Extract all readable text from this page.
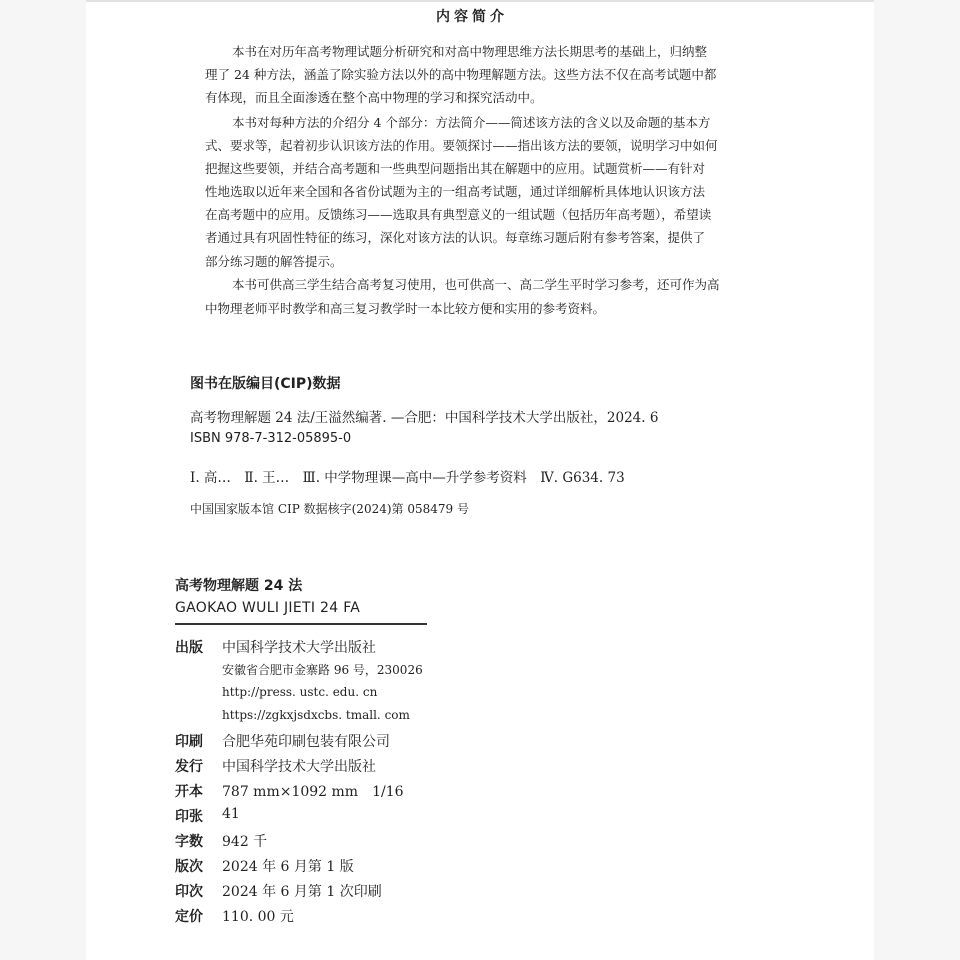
内容简介
本书在对历年高考物理试题分析研究和对高中物理思维方法长期思考的基础上，归纳整
理了 24 种方法，涵盖了除实验方法以外的高中物理解题方法。这些方法不仅在高考试题中都
有体现，而且全面渗透在整个高中物理的学习和探究活动中。
本书对每种方法的介绍分 4 个部分：方法简介——简述该方法的含义以及命题的基本方
式、要求等，起着初步认识该方法的作用。要领探讨——指出该方法的要领，说明学习中如何
把握这些要领，并结合高考题和一些典型问题指出其在解题中的应用。试题赏析——有针对
性地选取以近年来全国和各省份试题为主的一组高考试题，通过详细解析具体地认识该方法
在高考题中的应用。反馈练习——选取具有典型意义的一组试题（包括历年高考题），希望读
者通过具有巩固性特征的练习，深化对该方法的认识。每章练习题后附有参考答案，提供了
部分练习题的解答提示。
本书可供高三学生结合高考复习使用，也可供高一、高二学生平时学习参考，还可作为高
中物理老师平时教学和高三复习教学时一本比较方便和实用的参考资料。
图书在版编目(CIP)数据
高考物理解题 24 法/王溢然编著. —合肥：中国科学技术大学出版社，2024. 6
ISBN 978-7-312-05895-0
Ⅰ. 高…　Ⅱ. 王…　Ⅲ. 中学物理课—高中—升学参考资料　Ⅳ. G634. 73
中国国家版本馆 CIP 数据核字(2024)第 058479 号
高考物理解题 24 法
GAOKAO WULI JIETI 24 FA
出版 中国科学技术大学出版社
安徽省合肥市金寨路 96 号，230026
http://press. ustc. edu. cn
https://zgkxjsdxcbs. tmall. com
印刷 合肥华苑印刷包装有限公司
发行 中国科学技术大学出版社
开本 787 mm×1092 mm　1/16
印张 41
字数 942 千
版次 2024 年 6 月第 1 版
印次 2024 年 6 月第 1 次印刷
定价 110. 00 元
